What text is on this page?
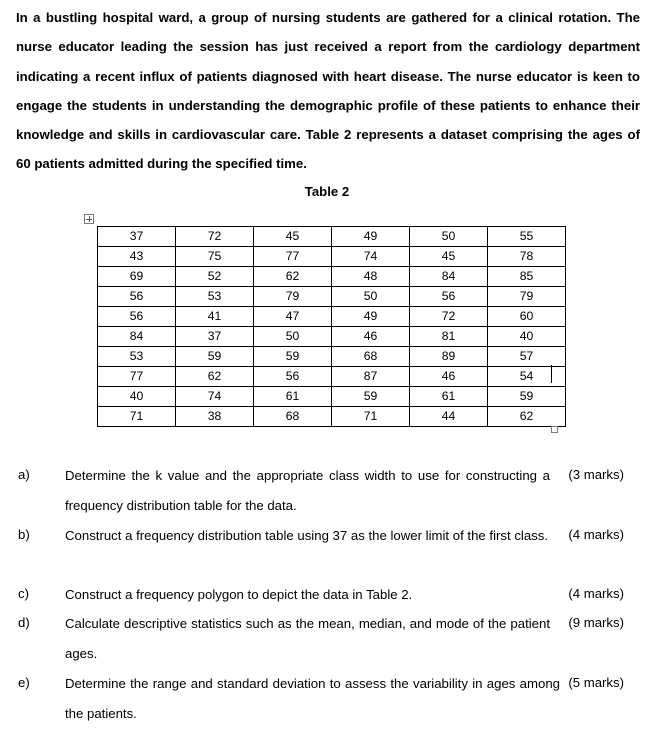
In a bustling hospital ward, a group of nursing students are gathered for a clinical rotation. The nurse educator leading the session has just received a report from the cardiology department indicating a recent influx of patients diagnosed with heart disease. The nurse educator is keen to engage the students in understanding the demographic profile of these patients to enhance their knowledge and skills in cardiovascular care. Table 2 represents a dataset comprising the ages of 60 patients admitted during the specified time.

Table 2
37	72	45	49	50	55
43	75	77	74	45	78
69	52	62	48	84	85
56	53	79	50	56	79
56	41	47	49	72	60
84	37	50	46	81	40
53	59	59	68	89	57
77	62	56	87	46	54
40	74	61	59	61	59
71	38	68	71	44	62
a)	Determine the k value and the appropriate class width to use for constructing a frequency distribution table for the data.
(3 marks)
b)	Construct a frequency distribution table using 37 as the lower limit of the first class. (4 marks)
c)	Construct a frequency polygon to depict the data in Table 2.	(4 marks)
d)	Calculate descriptive statistics such as the mean, median, and mode of the patient ages.
(9 marks)
e)	Determine the range and standard deviation to assess the variability in ages among the patients.
(5 marks)
